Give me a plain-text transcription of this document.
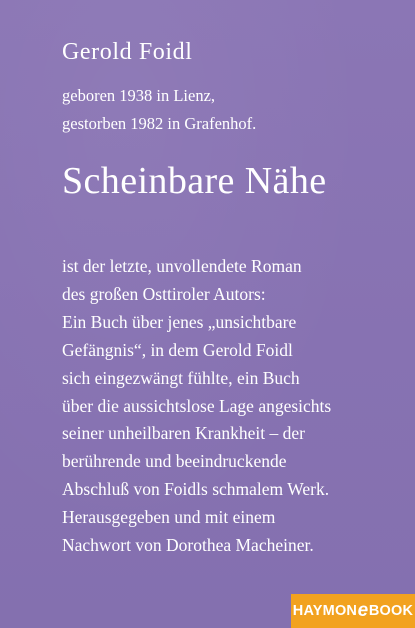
Gerold Foidl

geboren 1938 in Lienz,
gestorben 1982 in Grafenhof.

Scheinbare Nähe

ist der letzte, unvollendete Roman
des großen Osttiroler Autors:
Ein Buch über jenes „unsichtbare
Gefängnis“, in dem Gerold Foidl
sich eingezwängt fühlte, ein Buch
über die aussichtslose Lage angesichts
seiner unheilbaren Krankheit – der
berührende und beeindruckende
Abschluß von Foidls schmalem Werk.
Herausgegeben und mit einem
Nachwort von Dorothea Macheiner.

HAYMON e BOOK
